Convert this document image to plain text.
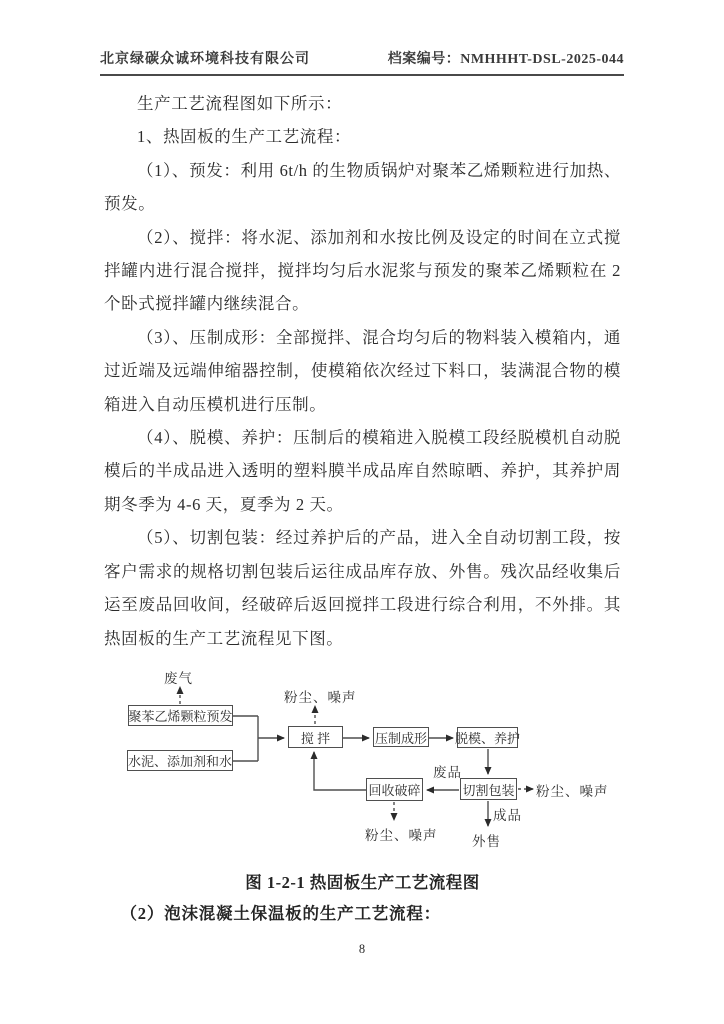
北京绿碳众诚环境科技有限公司	档案编号：NMHHHT-DSL-2025-044

生产工艺流程图如下所示：

1、热固板的生产工艺流程：

（1）、预发：利用 6t/h 的生物质锅炉对聚苯乙烯颗粒进行加热、预发。

（2）、搅拌：将水泥、添加剂和水按比例及设定的时间在立式搅拌罐内进行混合搅拌，搅拌均匀后水泥浆与预发的聚苯乙烯颗粒在 2 个卧式搅拌罐内继续混合。

（3）、压制成形：全部搅拌、混合均匀后的物料装入模箱内，通过近端及远端伸缩器控制，使模箱依次经过下料口，装满混合物的模箱进入自动压模机进行压制。

（4）、脱模、养护：压制后的模箱进入脱模工段经脱模机自动脱模后的半成品进入透明的塑料膜半成品库自然晾晒、养护，其养护周期冬季为 4-6 天，夏季为 2 天。

（5）、切割包装：经过养护后的产品，进入全自动切割工段，按客户需求的规格切割包装后运往成品库存放、外售。残次品经收集后运至废品回收间，经破碎后返回搅拌工段进行综合利用，不外排。其热固板的生产工艺流程见下图。

聚苯乙烯颗粒预发
水泥、添加剂和水
搅 拌	压制成形 脱模、养护
切割包装
回收破碎
废气
粉尘、噪声
废品
粉尘、噪声
成品
外售
粉尘、噪声
图 1-2-1 热固板生产工艺流程图
（2）泡沫混凝土保温板的生产工艺流程：
8
